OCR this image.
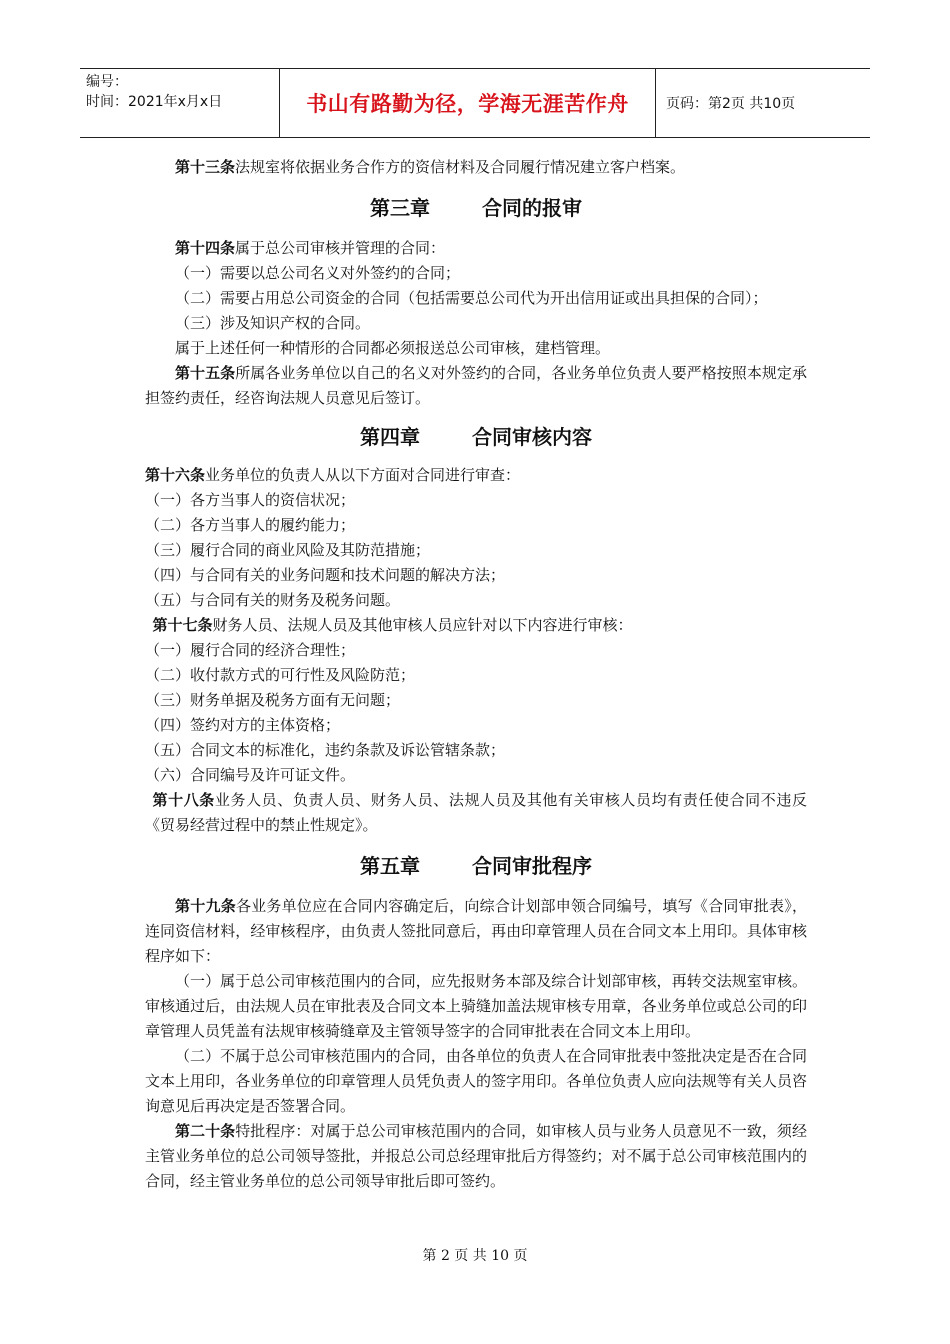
编号：
时间：2021年x月x日	书山有路勤为径，学海无涯苦作舟	页码：第2页 共10页

第十三条法规室将依据业务合作方的资信材料及合同履行情况建立客户档案。

第三章	合同的报审

第十四条属于总公司审核并管理的合同：

（一）需要以总公司名义对外签约的合同；

（二）需要占用总公司资金的合同（包括需要总公司代为开出信用证或出具担保的合同）；

（三）涉及知识产权的合同。

属于上述任何一种情形的合同都必须报送总公司审核，建档管理。

第十五条所属各业务单位以自己的名义对外签约的合同，各业务单位负责人要严格按照本规定承担签约责任，经咨询法规人员意见后签订。

第四章	合同审核内容

第十六条业务单位的负责人从以下方面对合同进行审查：

（一）各方当事人的资信状况；

（二）各方当事人的履约能力；

（三）履行合同的商业风险及其防范措施；

（四）与合同有关的业务问题和技术问题的解决方法；

（五）与合同有关的财务及税务问题。

第十七条财务人员、法规人员及其他审核人员应针对以下内容进行审核：

（一）履行合同的经济合理性；

（二）收付款方式的可行性及风险防范；

（三）财务单据及税务方面有无问题；

（四）签约对方的主体资格；

（五）合同文本的标准化，违约条款及诉讼管辖条款；

（六）合同编号及许可证文件。

第十八条业务人员、负责人员、财务人员、法规人员及其他有关审核人员均有责任使合同不违反《贸易经营过程中的禁止性规定》。

第五章	合同审批程序

第十九条各业务单位应在合同内容确定后，向综合计划部申领合同编号，填写《合同审批表》，连同资信材料，经审核程序，由负责人签批同意后，再由印章管理人员在合同文本上用印。具体审核程序如下：

（一）属于总公司审核范围内的合同，应先报财务本部及综合计划部审核，再转交法规室审核。审核通过后，由法规人员在审批表及合同文本上骑缝加盖法规审核专用章，各业务单位或总公司的印章管理人员凭盖有法规审核骑缝章及主管领导签字的合同审批表在合同文本上用印。

（二）不属于总公司审核范围内的合同，由各单位的负责人在合同审批表中签批决定是否在合同文本上用印，各业务单位的印章管理人员凭负责人的签字用印。各单位负责人应向法规等有关人员咨询意见后再决定是否签署合同。

第二十条特批程序：对属于总公司审核范围内的合同，如审核人员与业务人员意见不一致，须经主管业务单位的总公司领导签批，并报总公司总经理审批后方得签约；对不属于总公司审核范围内的合同，经主管业务单位的总公司领导审批后即可签约。

第 2 页 共 10 页
